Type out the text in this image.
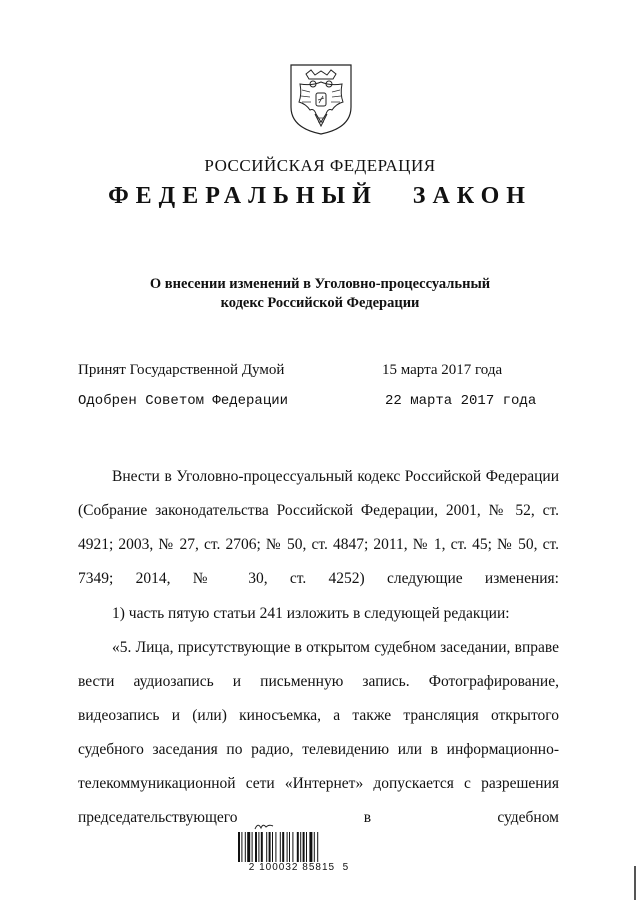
РОССИЙСКАЯ ФЕДЕРАЦИЯ
ФЕДЕРАЛЬНЫЙ ЗАКОН
О внесении изменений в Уголовно-процессуальный
кодекс Российской Федерации
Принят Государственной Думой	15 марта 2017 года
Одобрен Советом Федерации	22 марта 2017 года
Внести в Уголовно-процессуальный кодекс Российской Федерации (Собрание законодательства Российской Федерации, 2001, № 52, ст. 4921; 2003, № 27, ст. 2706; № 50, ст. 4847; 2011, № 1, ст. 45; № 50, ст. 7349; 2014, № 30, ст. 4252) следующие изменения:
1) часть пятую статьи 241 изложить в следующей редакции:
«5. Лица, присутствующие в открытом судебном заседании, вправе вести аудиозапись и письменную запись. Фотографирование, видеозапись и (или) киносъемка, а также трансляция открытого судебного заседания по радио, телевидению или в информационно-телекоммуникационной сети «Интернет» допускается с разрешения председательствующего в судебном
2 100032 85815  5
